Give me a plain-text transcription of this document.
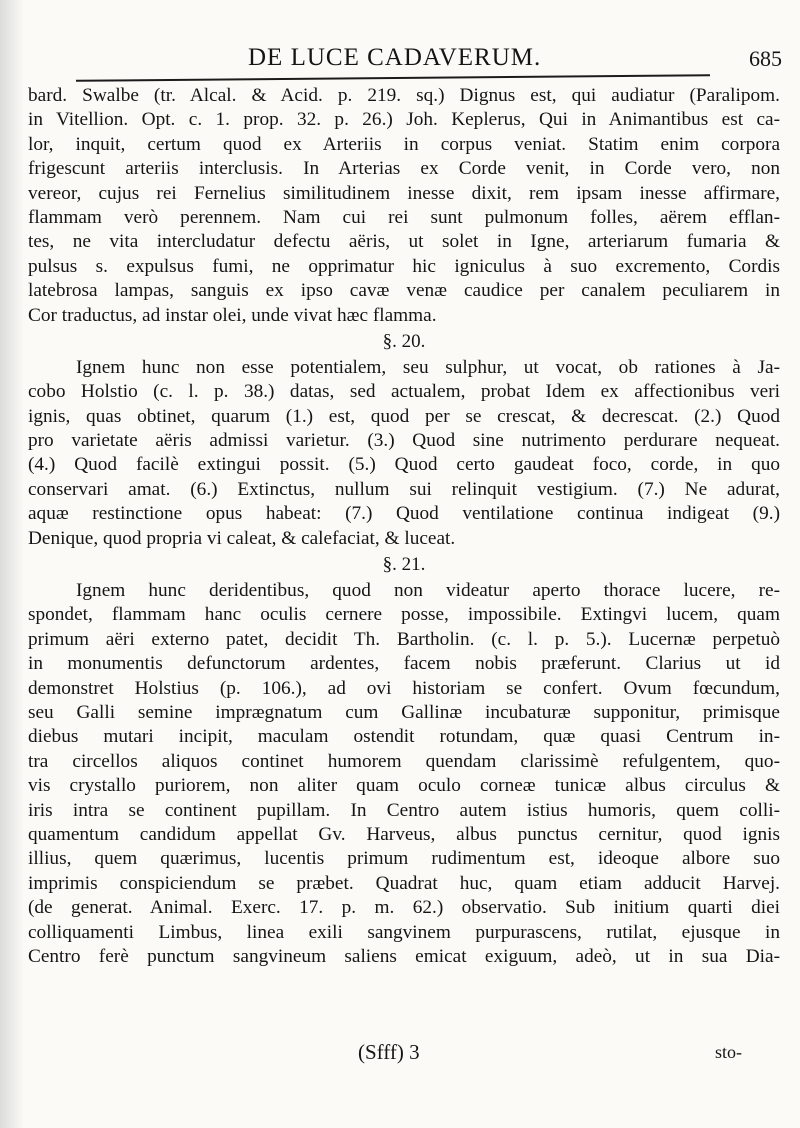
DE LUCE CADAVERUM.	685
bard. Swalbe (tr. Alcal. & Acid. p. 219. sq.) Dignus est, qui audiatur (Paralipom.
in Vitellion. Opt. c. 1. prop. 32. p. 26.) Joh. Keplerus, Qui in Animantibus est ca-
lor, inquit, certum quod ex Arteriis in corpus veniat. Statim enim corpora
frigescunt arteriis interclusis. In Arterias ex Corde venit, in Corde vero, non
vereor, cujus rei Fernelius similitudinem inesse dixit, rem ipsam inesse affirmare,
flammam verò perennem. Nam cui rei sunt pulmonum folles, aërem efflan-
tes, ne vita intercludatur defectu aëris, ut solet in Igne, arteriarum fumaria &
pulsus s. expulsus fumi, ne opprimatur hic igniculus à suo excremento, Cordis
latebrosa lampas, sanguis ex ipso cavæ venæ caudice per canalem peculiarem in
Cor traductus, ad instar olei, unde vivat hæc flamma.
§. 20.
Ignem hunc non esse potentialem, seu sulphur, ut vocat, ob rationes à Ja-
cobo Holstio (c. l. p. 38.) datas, sed actualem, probat Idem ex affectionibus veri
ignis, quas obtinet, quarum (1.) est, quod per se crescat, & decrescat. (2.) Quod
pro varietate aëris admissi varietur. (3.) Quod sine nutrimento perdurare nequeat.
(4.) Quod facilè extingui possit. (5.) Quod certo gaudeat foco, corde, in quo
conservari amat. (6.) Extinctus, nullum sui relinquit vestigium. (7.) Ne adurat,
aquæ restinctione opus habeat: (7.) Quod ventilatione continua indigeat (9.)
Denique, quod propria vi caleat, & calefaciat, & luceat.
§. 21.
Ignem hunc deridentibus, quod non videatur aperto thorace lucere, re-
spondet, flammam hanc oculis cernere posse, impossibile. Extingvi lucem, quam
primum aëri externo patet, decidit Th. Bartholin. (c. l. p. 5.). Lucernæ perpetuò
in monumentis defunctorum ardentes, facem nobis præferunt. Clarius ut id
demonstret Holstius (p. 106.), ad ovi historiam se confert. Ovum fœcundum,
seu Galli semine imprægnatum cum Gallinæ incubaturæ supponitur, primisque
diebus mutari incipit, maculam ostendit rotundam, quæ quasi Centrum in-
tra circellos aliquos continet humorem quendam clarissimè refulgentem, quo-
vis crystallo puriorem, non aliter quam oculo corneæ tunicæ albus circulus &
iris intra se continent pupillam. In Centro autem istius humoris, quem colli-
quamentum candidum appellat Gv. Harveus, albus punctus cernitur, quod ignis
illius, quem quærimus, lucentis primum rudimentum est, ideoque albore suo
imprimis conspiciendum se præbet. Quadrat huc, quam etiam adducit Harvej.
(de generat. Animal. Exerc. 17. p. m. 62.) observatio. Sub initium quarti diei
colliquamenti Limbus, linea exili sangvinem purpurascens, rutilat, ejusque in
Centro ferè punctum sangvineum saliens emicat exiguum, adeò, ut in sua Dia-
(Sfff) 3	sto-
